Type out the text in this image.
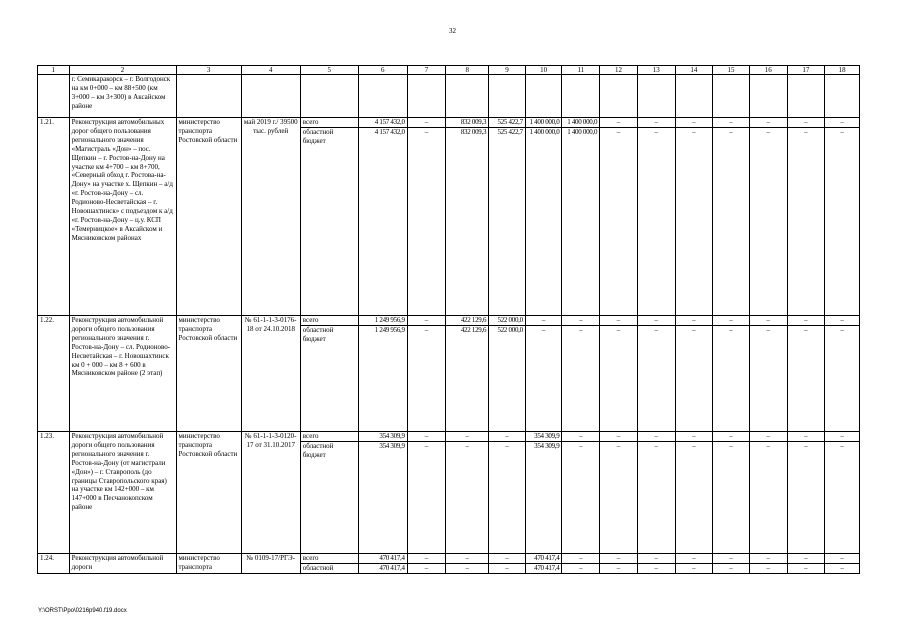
32
1	2	3	4	5	6	7	8	9	10	11	12	13	14	15	16	17	18
	г. Семикаракорск – г. Волгодонск на км 0+000 – км 88+500 (км 3+000 – км 3+300) в Аксайском районе																
1.21.	Реконструкция автомобильных дорог общего пользования регионального значения «Магистраль «Дон» – пос. Щепкин – г. Ростов-на-Дону на участке км 4+700 – км 8+700, «Северный обход г. Ростова-на-Дону» на участке х. Щепкин – а/д «г. Ростов-на-Дону – сл. Родионово-Несветайская – г. Новошахтинск» с подъездом к а/д «г. Ростов-на-Дону – ц.у. КСП «Темерницкое» в Аксайском и Мясниковском районах	министерство транспорта Ростовской области	май 2019 г./ 39500 тыс. рублей	всего	4 157 432,0	–	832 009,3	525 422,7	1 400 000,0	1 400 000,0	–	–	–	–	–	–	–
				областной бюджет	4 157 432,0	–	832 009,3	525 422,7	1 400 000,0	1 400 000,0	–	–	–	–	–	–	–
1.22.	Реконструкция автомобильной дороги общего пользования регионального значения г. Ростов-на-Дону – сл. Родионово-Несветайская – г. Новошахтинск км 0 + 000 – км 8 + 600 в Мясниковском районе (2 этап)	министерство транспорта Ростовской области	№ 61-1-1-3-0176-18 от 24.10.2018	всего	1 249 956,9	–	422 129,6	522 000,0	–	–	–	–	–	–	–	–	–
				областной бюджет	1 249 956,9	–	422 129,6	522 000,0	–	–	–	–	–	–	–	–	–
1.23.	Реконструкция автомобильной дороги общего пользования регионального значения г. Ростов-на-Дону (от магистрали «Дон») – г. Ставрополь (до границы Ставропольского края) на участке км 142+000 – км 147+000 в Песчанокопском районе	министерство транспорта Ростовской области	№ 61-1-1-3-0120-17 от 31.10.2017	всего	354 309,9	–	–	–	354 309,9	–	–	–	–	–	–	–	–
				областной бюджет	354 309,9	–	–	–	354 309,9	–	–	–	–	–	–	–	–
1.24.	Реконструкция автомобильной дороги	министерство транспорта	№ 0109-17/РГЭ-	всего	470 417,4	–	–	–	470 417,4	–	–	–	–	–	–	–	–
				областной	470 417,4	–	–	–	470 417,4	–	–	–	–	–	–	–	–
Y:\ORST\Ppo\0216p940.f19.docx
